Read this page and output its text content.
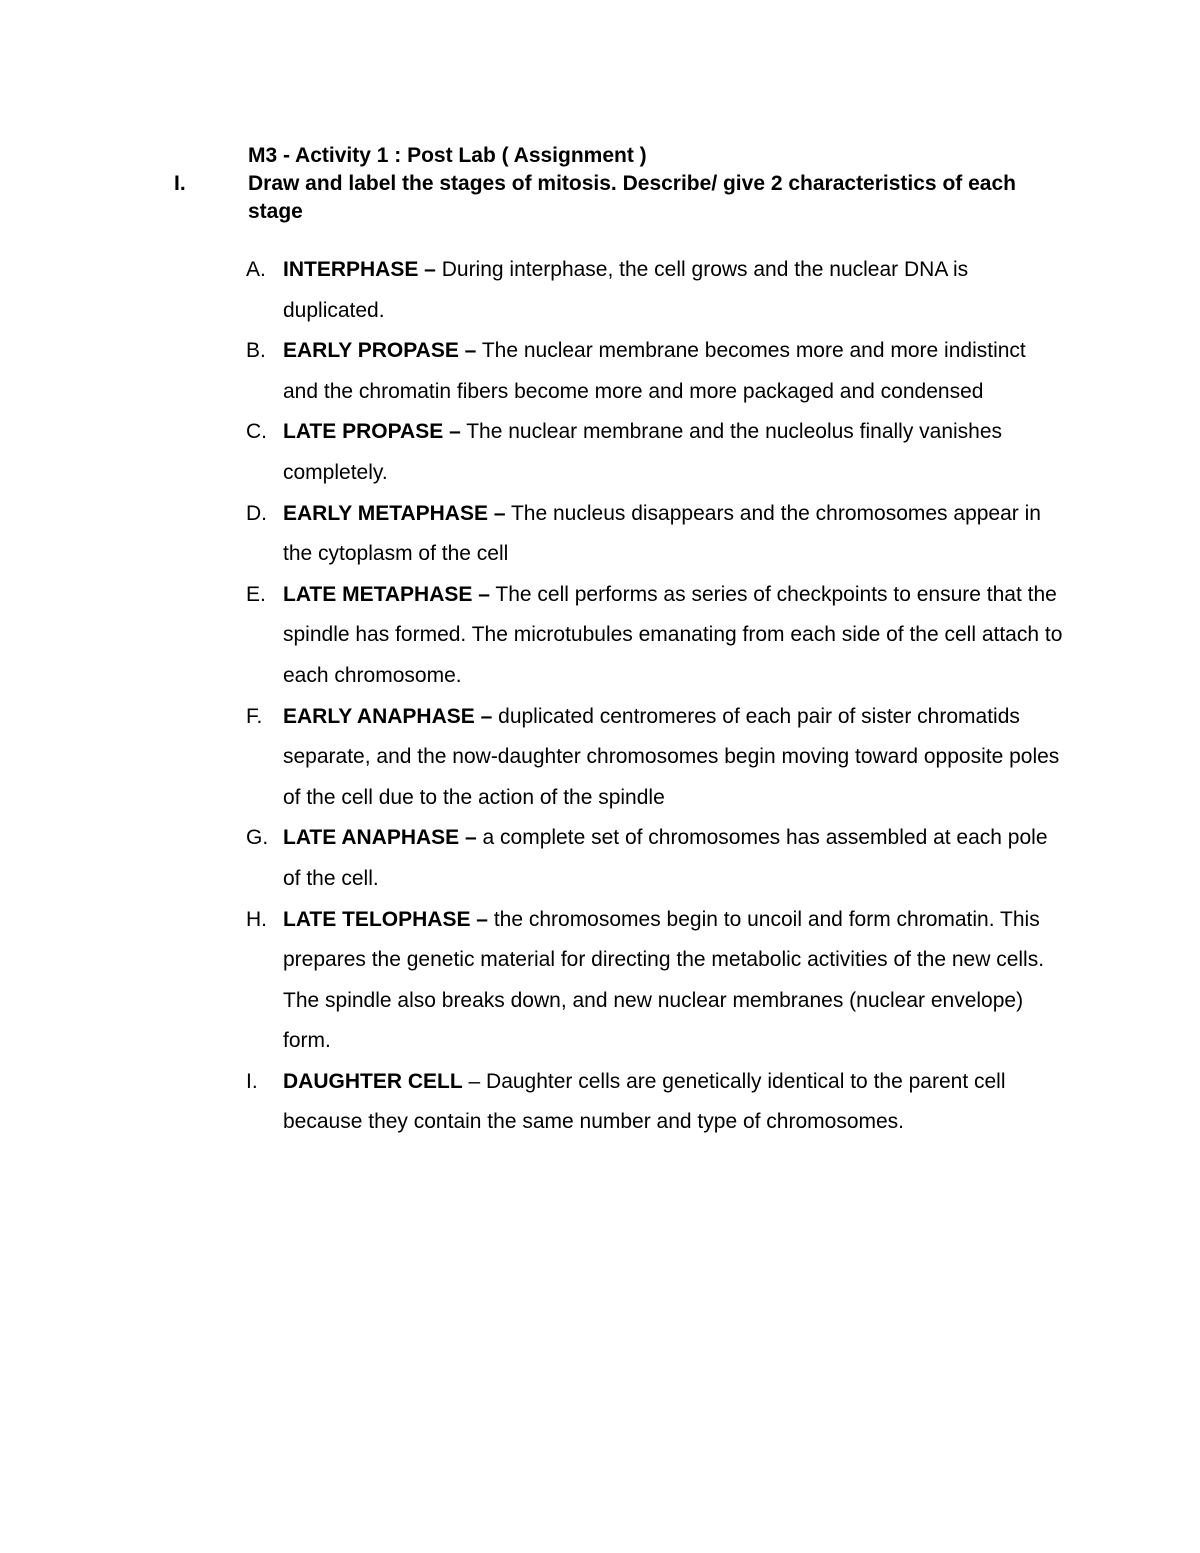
M3 - Activity 1 : Post Lab ( Assignment )
I.	Draw and label the stages of mitosis. Describe/ give 2 characteristics of each stage
A. INTERPHASE – During interphase, the cell grows and the nuclear DNA is duplicated.
B. EARLY PROPASE – The nuclear membrane becomes more and more indistinct and the chromatin fibers become more and more packaged and condensed
C. LATE PROPASE – The nuclear membrane and the nucleolus finally vanishes completely.
D. EARLY METAPHASE – The nucleus disappears and the chromosomes appear in the cytoplasm of the cell
E. LATE METAPHASE – The cell performs as series of checkpoints to ensure that the spindle has formed. The microtubules emanating from each side of the cell attach to each chromosome.
F. EARLY ANAPHASE – duplicated centromeres of each pair of sister chromatids separate, and the now-daughter chromosomes begin moving toward opposite poles of the cell due to the action of the spindle
G. LATE ANAPHASE – a complete set of chromosomes has assembled at each pole of the cell.
H. LATE TELOPHASE – the chromosomes begin to uncoil and form chromatin. This prepares the genetic material for directing the metabolic activities of the new cells. The spindle also breaks down, and new nuclear membranes (nuclear envelope) form.
I. DAUGHTER CELL – Daughter cells are genetically identical to the parent cell because they contain the same number and type of chromosomes.
